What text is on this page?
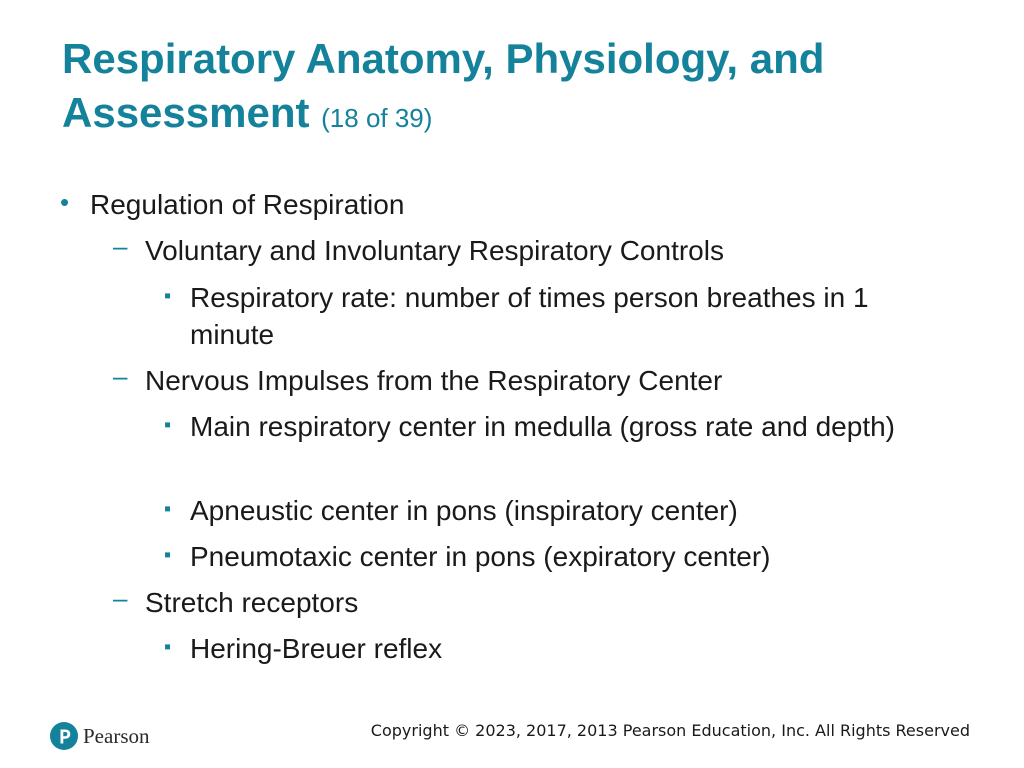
Respiratory Anatomy, Physiology, and Assessment (18 of 39)
• Regulation of Respiration
– Voluntary and Involuntary Respiratory Controls
▪ Respiratory rate: number of times person breathes in 1 minute
– Nervous Impulses from the Respiratory Center
▪ Main respiratory center in medulla (gross rate and depth)
▪ Apneustic center in pons (inspiratory center)
▪ Pneumotaxic center in pons (expiratory center)
– Stretch receptors
▪ Hering-Breuer reflex
Pearson	Copyright © 2023, 2017, 2013 Pearson Education, Inc. All Rights Reserved
